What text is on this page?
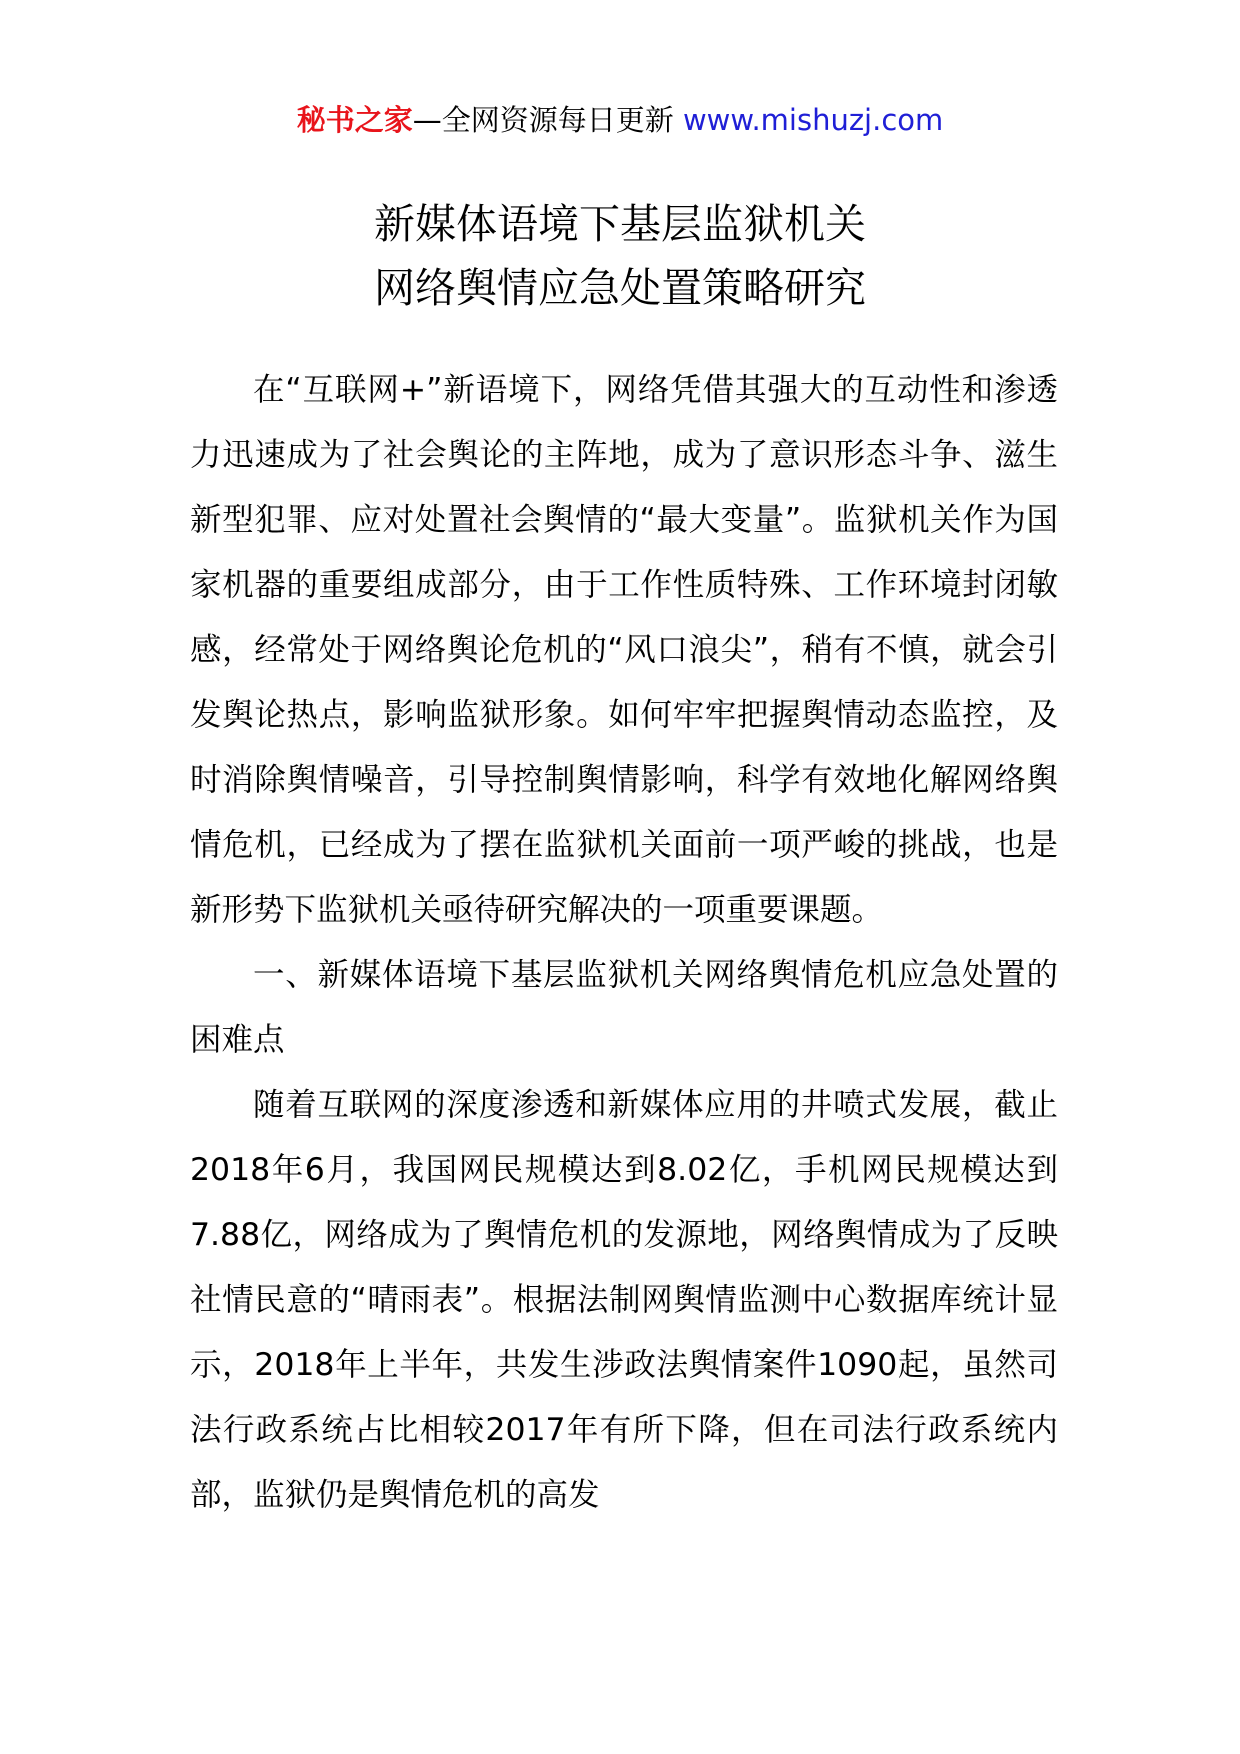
秘书之家—全网资源每日更新 www.mishuzj.com
新媒体语境下基层监狱机关
网络舆情应急处置策略研究

在“互联网+”新语境下，网络凭借其强大的互动性和渗透力迅速成为了社会舆论的主阵地，成为了意识形态斗争、滋生新型犯罪、应对处置社会舆情的“最大变量”。监狱机关作为国家机器的重要组成部分，由于工作性质特殊、工作环境封闭敏感，经常处于网络舆论危机的“风口浪尖”，稍有不慎，就会引发舆论热点，影响监狱形象。如何牢牢把握舆情动态监控，及时消除舆情噪音，引导控制舆情影响，科学有效地化解网络舆情危机，已经成为了摆在监狱机关面前一项严峻的挑战，也是新形势下监狱机关亟待研究解决的一项重要课题。

一、新媒体语境下基层监狱机关网络舆情危机应急处置的困难点

随着互联网的深度渗透和新媒体应用的井喷式发展，截止2018年6月，我国网民规模达到8.02亿，手机网民规模达到7.88亿，网络成为了舆情危机的发源地，网络舆情成为了反映社情民意的“晴雨表”。根据法制网舆情监测中心数据库统计显示，2018年上半年，共发生涉政法舆情案件1090起，虽然司法行政系统占比相较2017年有所下降，但在司法行政系统内部，监狱仍是舆情危机的高发
